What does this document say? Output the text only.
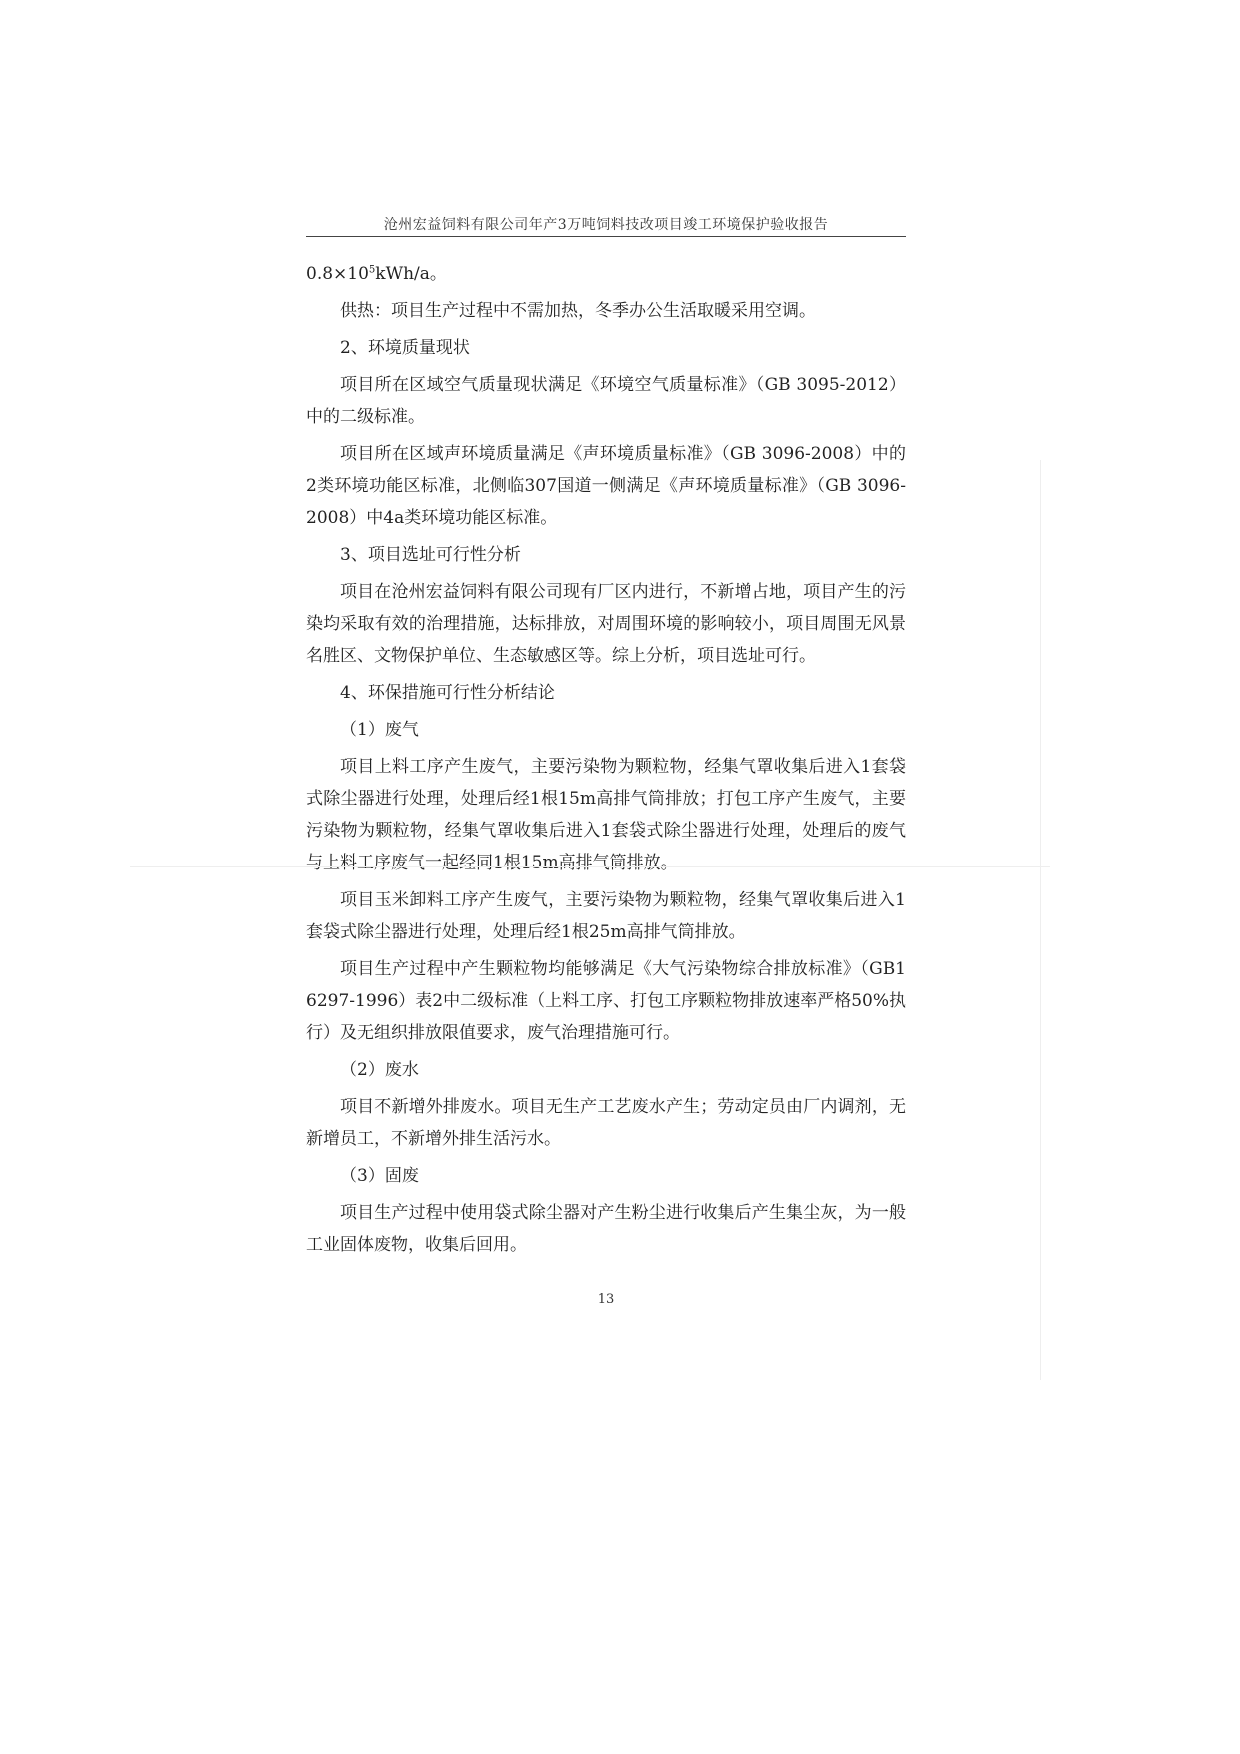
沧州宏益饲料有限公司年产3万吨饲料技改项目竣工环境保护验收报告

$0.8\times 10^5kWh/a$。

供热：项目生产过程中不需加热，冬季办公生活取暖采用空调。

2、环境质量现状

项目所在区域空气质量现状满足《环境空气质量标准》（GB 3095-2012）中的二级标准。

项目所在区域声环境质量满足《声环境质量标准》（GB 3096-2008）中的2类环境功能区标准，北侧临307国道一侧满足《声环境质量标准》（GB 3096-2008）中4a类环境功能区标准。

3、项目选址可行性分析

项目在沧州宏益饲料有限公司现有厂区内进行，不新增占地，项目产生的污染均采取有效的治理措施，达标排放，对周围环境的影响较小，项目周围无风景名胜区、文物保护单位、生态敏感区等。综上分析，项目选址可行。

4、环保措施可行性分析结论

（1）废气

项目上料工序产生废气，主要污染物为颗粒物，经集气罩收集后进入1套袋式除尘器进行处理，处理后经1根15m高排气筒排放；打包工序产生废气，主要污染物为颗粒物，经集气罩收集后进入1套袋式除尘器进行处理，处理后的废气与上料工序废气一起经同1根15m高排气筒排放。

项目玉米卸料工序产生废气，主要污染物为颗粒物，经集气罩收集后进入1套袋式除尘器进行处理，处理后经1根25m高排气筒排放。

项目生产过程中产生颗粒物均能够满足《大气污染物综合排放标准》（GB16297-1996）表2中二级标准（上料工序、打包工序颗粒物排放速率严格50%执行）及无组织排放限值要求，废气治理措施可行。

（2）废水

项目不新增外排废水。项目无生产工艺废水产生；劳动定员由厂内调剂，无新增员工，不新增外排生活污水。

（3）固废

项目生产过程中使用袋式除尘器对产生粉尘进行收集后产生集尘灰，为一般工业固体废物，收集后回用。

13
